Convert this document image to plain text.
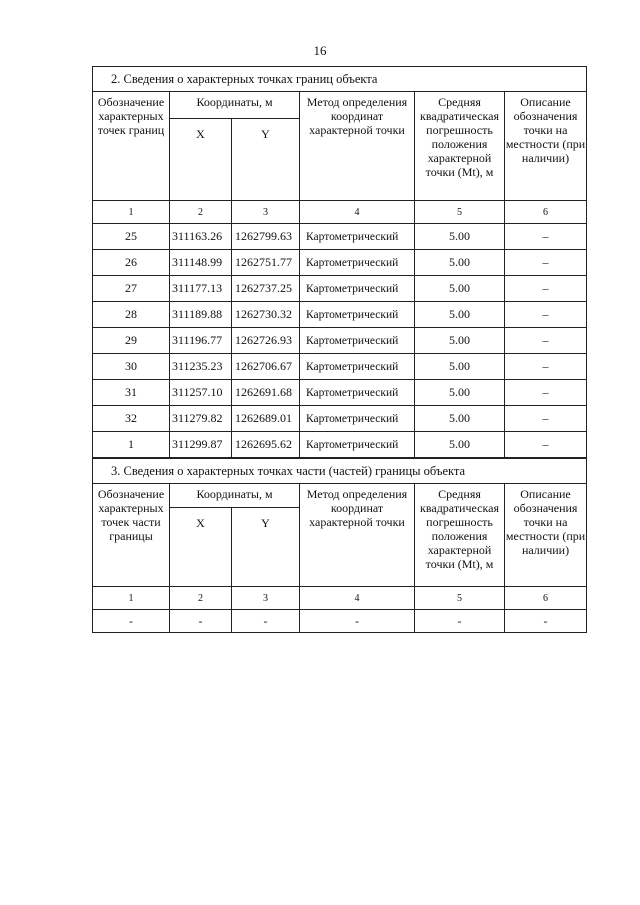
16
2. Сведения о характерных точках границ объекта					
Обозначение характерных точек границ	Координаты, м		Метод определения координат характерной точки	Средняя квадратическая погрешность положения характерной точки (Mt), м	Описание обозначения точки на местности (при наличии)
	X	Y			
1	2	3	4	5	6
25	311163.26	1262799.63	Картометрический	5.00	–
26	311148.99	1262751.77	Картометрический	5.00	–
27	311177.13	1262737.25	Картометрический	5.00	–
28	311189.88	1262730.32	Картометрический	5.00	–
29	311196.77	1262726.93	Картометрический	5.00	–
30	311235.23	1262706.67	Картометрический	5.00	–
31	311257.10	1262691.68	Картометрический	5.00	–
32	311279.82	1262689.01	Картометрический	5.00	–
1	311299.87	1262695.62	Картометрический	5.00	–
3. Сведения о характерных точках части (частей) границы объекта					
Обозначение характерных точек части границы	Координаты, м		Метод определения координат характерной точки	Средняя квадратическая погрешность положения характерной точки (Mt), м	Описание обозначения точки на местности (при наличии)
	X	Y			
1	2	3	4	5	6
-	-	-	-	-	-
